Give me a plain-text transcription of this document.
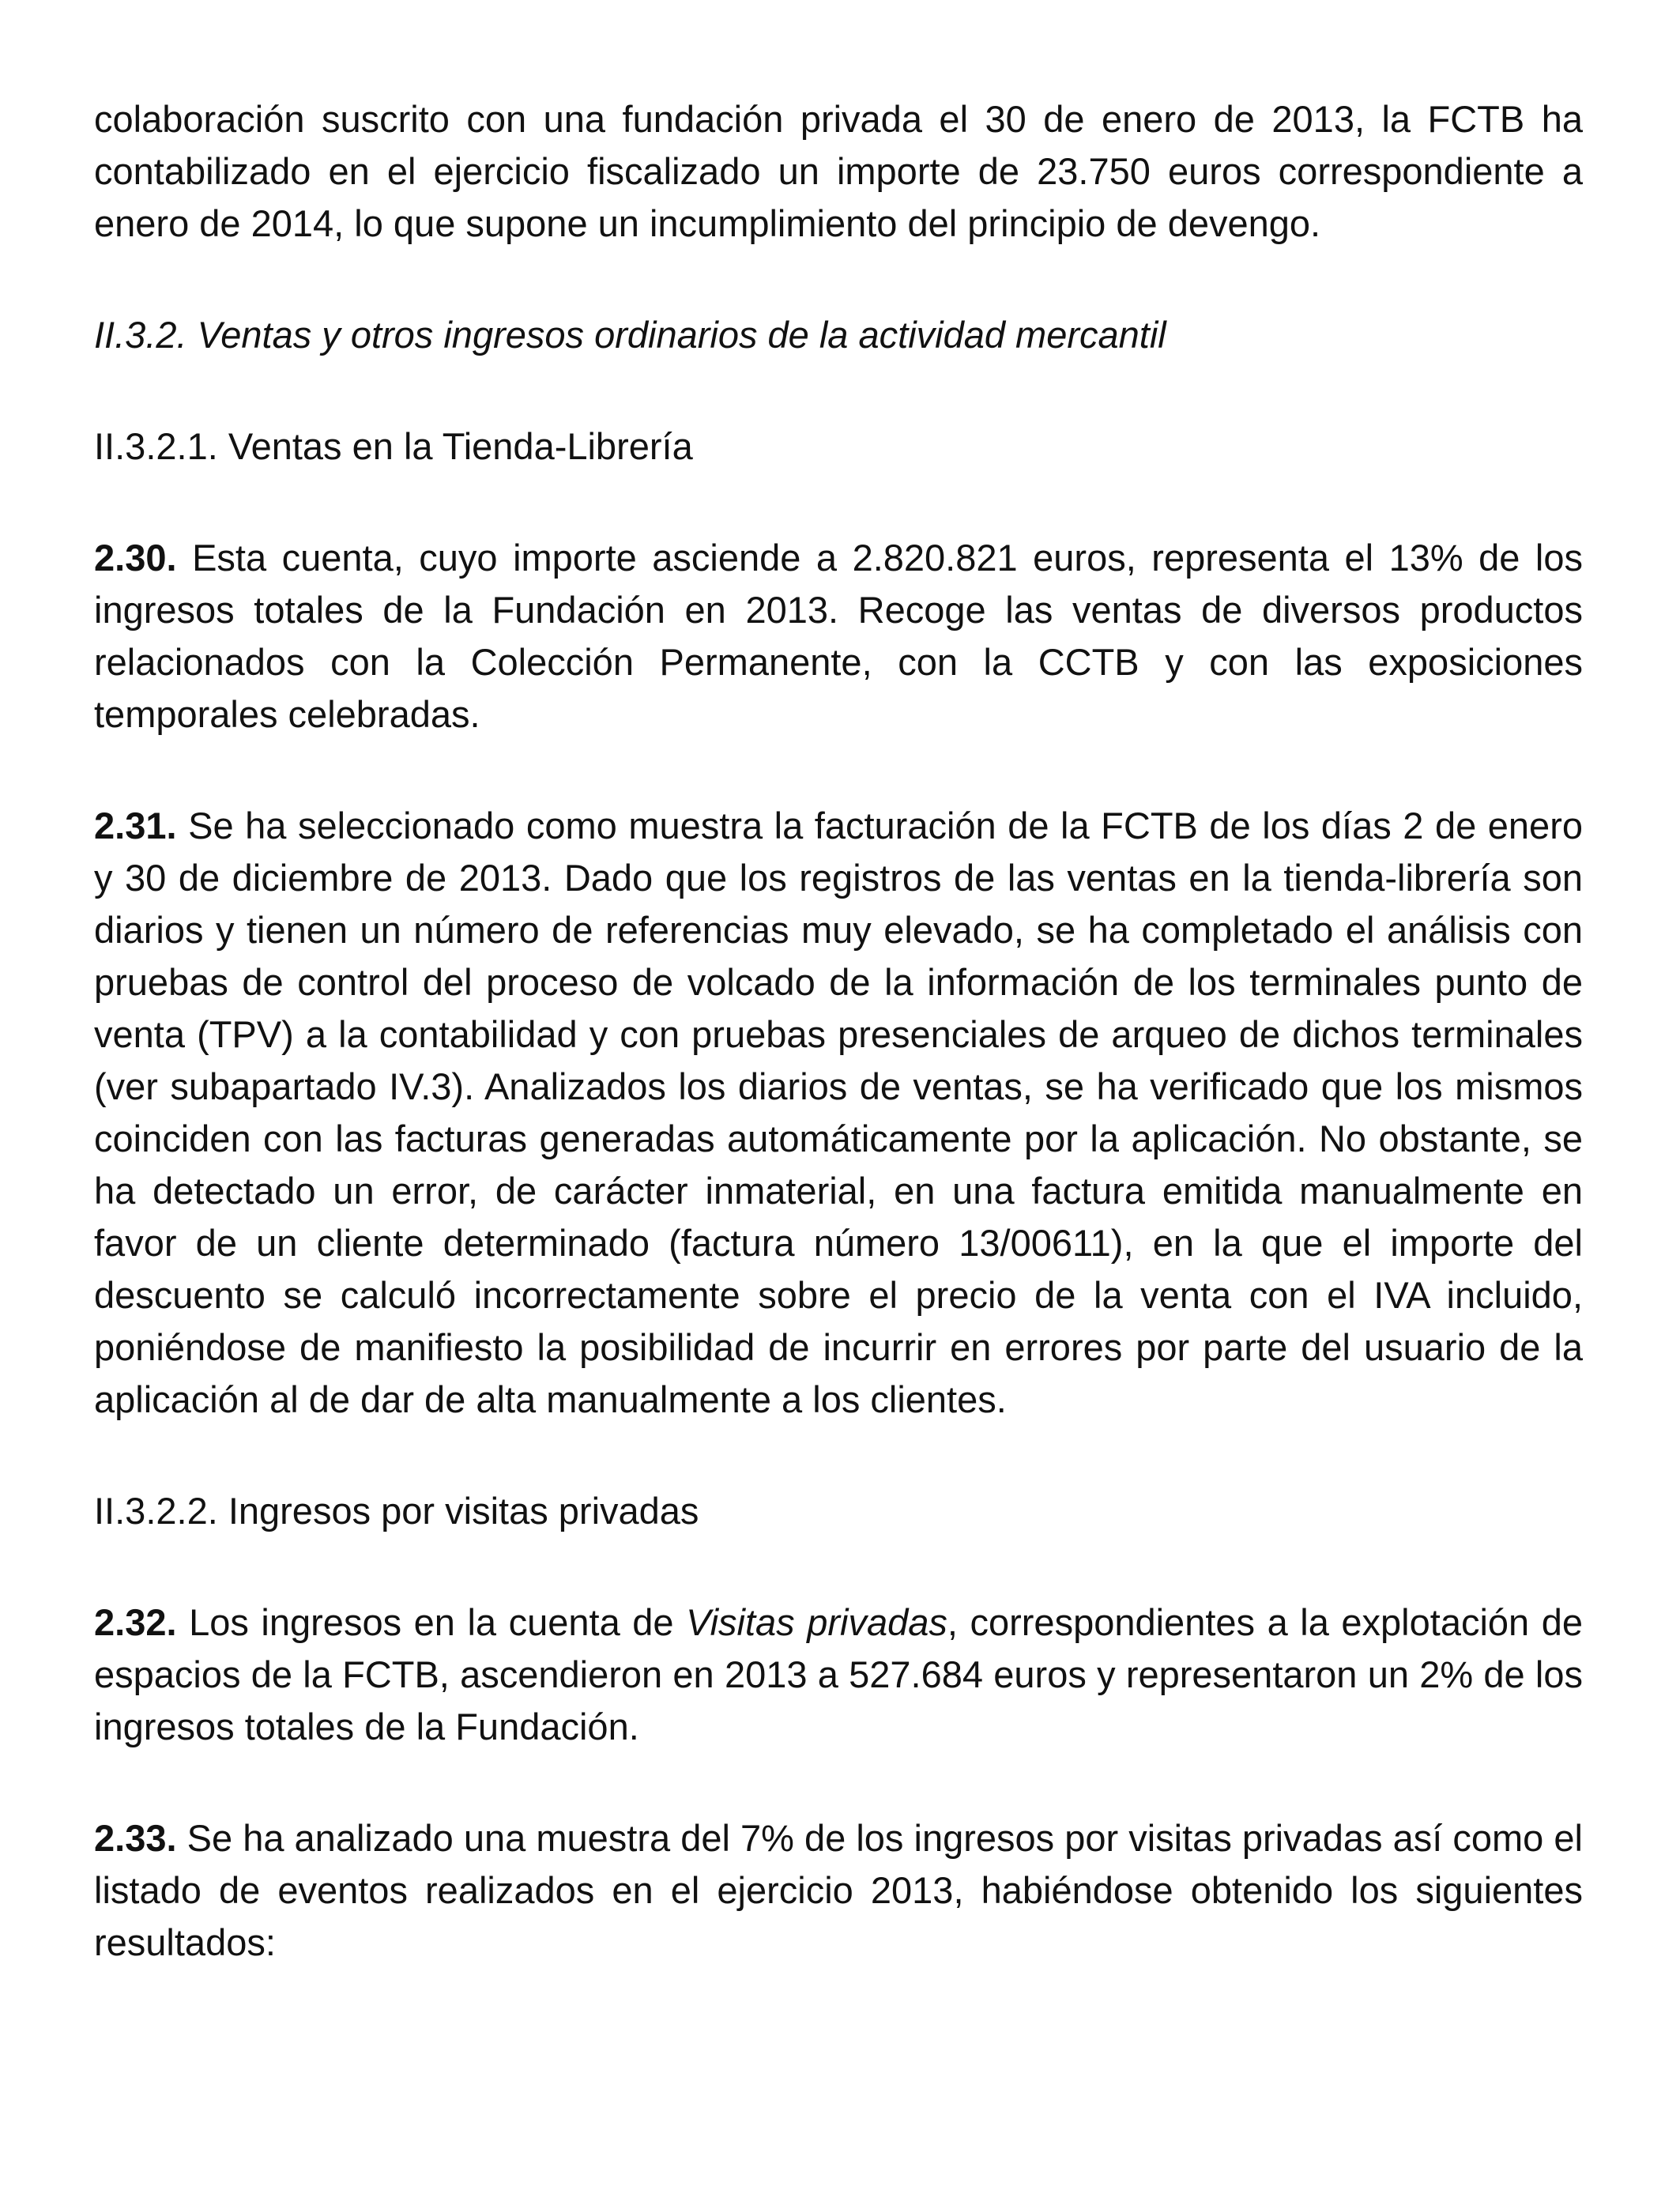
colaboración suscrito con una fundación privada el 30 de enero de 2013, la FCTB ha contabilizado en el ejercicio fiscalizado un importe de 23.750 euros correspondiente a enero de 2014, lo que supone un incumplimiento del principio de devengo.

II.3.2. Ventas y otros ingresos ordinarios de la actividad mercantil

II.3.2.1. Ventas en la Tienda-Librería

2.30. Esta cuenta, cuyo importe asciende a 2.820.821 euros, representa el 13% de los ingresos totales de la Fundación en 2013. Recoge las ventas de diversos productos relacionados con la Colección Permanente, con la CCTB y con las exposiciones temporales celebradas.

2.31. Se ha seleccionado como muestra la facturación de la FCTB de los días 2 de enero y 30 de diciembre de 2013. Dado que los registros de las ventas en la tienda-librería son diarios y tienen un número de referencias muy elevado, se ha completado el análisis con pruebas de control del proceso de volcado de la información de los terminales punto de venta (TPV) a la contabilidad y con pruebas presenciales de arqueo de dichos terminales (ver subapartado IV.3). Analizados los diarios de ventas, se ha verificado que los mismos coinciden con las facturas generadas automáticamente por la aplicación. No obstante, se ha detectado un error, de carácter inmaterial, en una factura emitida manualmente en favor de un cliente determinado (factura número 13/00611), en la que el importe del descuento se calculó incorrectamente sobre el precio de la venta con el IVA incluido, poniéndose de manifiesto la posibilidad de incurrir en errores por parte del usuario de la aplicación al de dar de alta manualmente a los clientes.

II.3.2.2. Ingresos por visitas privadas

2.32. Los ingresos en la cuenta de Visitas privadas, correspondientes a la explotación de espacios de la FCTB, ascendieron en 2013 a 527.684 euros y representaron un 2% de los ingresos totales de la Fundación.

2.33. Se ha analizado una muestra del 7% de los ingresos por visitas privadas así como el listado de eventos realizados en el ejercicio 2013, habiéndose obtenido los siguientes resultados:
